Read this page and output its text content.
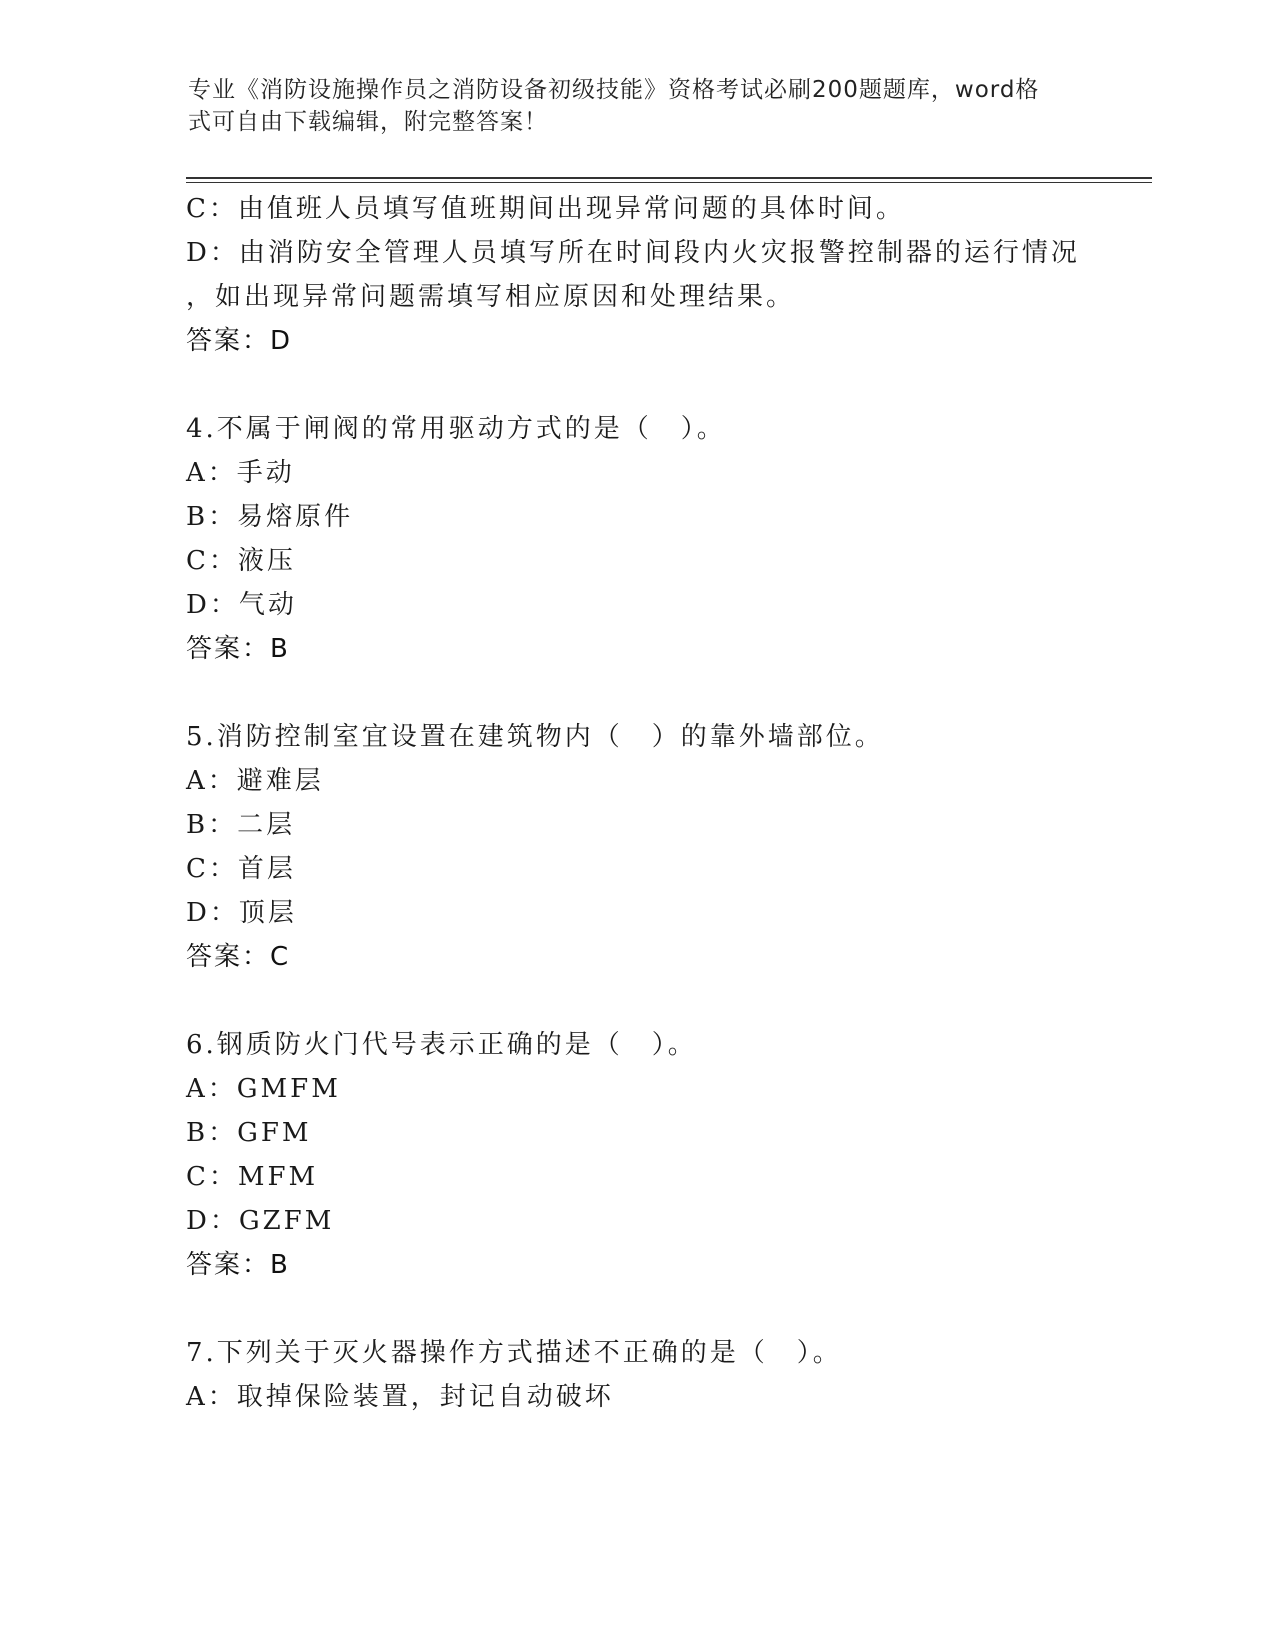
专业《消防设施操作员之消防设备初级技能》资格考试必刷200题题库，word格
式可自由下载编辑，附完整答案！
C：由值班人员填写值班期间出现异常问题的具体时间。
D：由消防安全管理人员填写所在时间段内火灾报警控制器的运行情况
，如出现异常问题需填写相应原因和处理结果。
答案：D
4.不属于闸阀的常用驱动方式的是（　）。
A：手动
B：易熔原件
C：液压
D：气动
答案：B
5.消防控制室宜设置在建筑物内（　）的靠外墙部位。
A：避难层
B：二层
C：首层
D：顶层
答案：C
6.钢质防火门代号表示正确的是（　）。
A：GMFM
B：GFM
C：MFM
D：GZFM
答案：B
7.下列关于灭火器操作方式描述不正确的是（　）。
A：取掉保险装置，封记自动破坏
